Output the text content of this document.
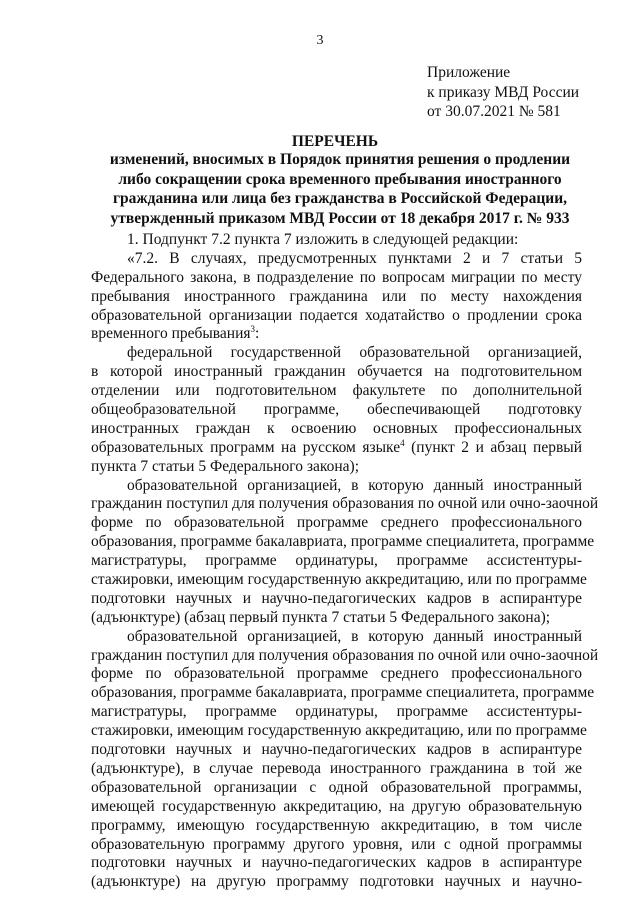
3
Приложение
к приказу МВД России
от 30.07.2021 № 581
ПЕРЕЧЕНЬ
изменений, вносимых в Порядок принятия решения о продлении
либо сокращении срока временного пребывания иностранного
гражданина или лица без гражданства в Российской Федерации,
утвержденный приказом МВД России от 18 декабря 2017 г. № 933

1. Подпункт 7.2 пункта 7 изложить в следующей редакции:

«7.2. В случаях, предусмотренных пунктами 2 и 7 статьи 5
Федерального закона, в подразделение по вопросам миграции по месту
пребывания иностранного гражданина или по месту нахождения
образовательной организации подается ходатайство о продлении срока
временного пребывания$^3$:

федеральной государственной образовательной организацией,
в которой иностранный гражданин обучается на подготовительном
отделении или подготовительном факультете по дополнительной
общеобразовательной программе, обеспечивающей подготовку
иностранных граждан к освоению основных профессиональных
образовательных программ на русском языке$^4$ (пункт 2 и абзац первый
пункта 7 статьи 5 Федерального закона);

образовательной организацией, в которую данный иностранный
гражданин поступил для получения образования по очной или очно-заочной
форме по образовательной программе среднего профессионального
образования, программе бакалавриата, программе специалитета, программе
магистратуры, программе ординатуры, программе ассистентуры-
стажировки, имеющим государственную аккредитацию, или по программе
подготовки научных и научно-педагогических кадров в аспирантуре
(адъюнктуре) (абзац первый пункта 7 статьи 5 Федерального закона);

образовательной организацией, в которую данный иностранный
гражданин поступил для получения образования по очной или очно-заочной
форме по образовательной программе среднего профессионального
образования, программе бакалавриата, программе специалитета, программе
магистратуры, программе ординатуры, программе ассистентуры-
стажировки, имеющим государственную аккредитацию, или по программе
подготовки научных и научно-педагогических кадров в аспирантуре
(адъюнктуре), в случае перевода иностранного гражданина в той же
образовательной организации с одной образовательной программы,
имеющей государственную аккредитацию, на другую образовательную
программу, имеющую государственную аккредитацию, в том числе
образовательную программу другого уровня, или с одной программы
подготовки научных и научно-педагогических кадров в аспирантуре
(адъюнктуре) на другую программу подготовки научных и научно-
